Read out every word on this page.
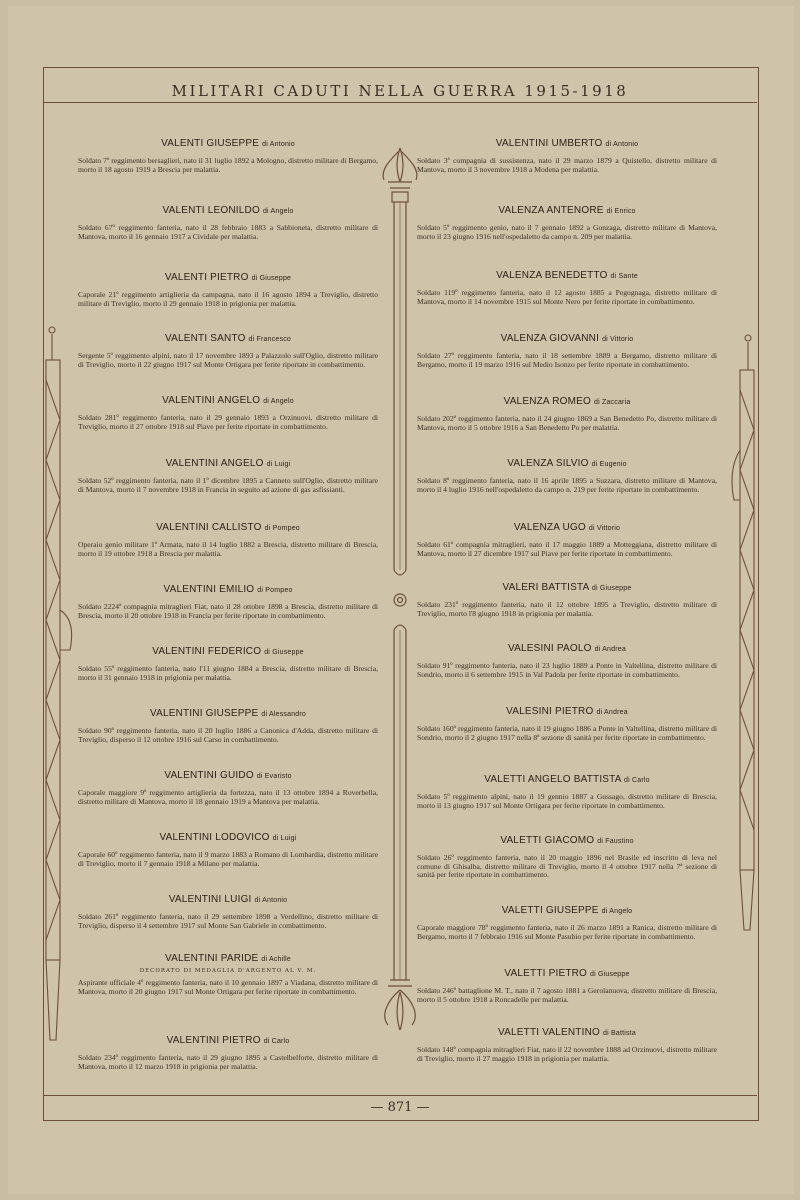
MILITARI CADUTI NELLA GUERRA 1915-1918
— 871 —
VALENTI GIUSEPPE di Antonio
Soldato 7º reggimento bersaglieri, nato il 31 luglio 1892 a Mologno, distretto militare di Bergamo, morto il 18 agosto 1919 a Brescia per malattia.
VALENTI LEONILDO di Angelo
Soldato 67º reggimento fanteria, nato il 28 febbraio 1883 a Sabbioneta, distretto militare di Mantova, morto il 16 gennaio 1917 a Cividale per malattia.
VALENTI PIETRO di Giuseppe
Caporale 21º reggimento artiglieria da campagna, nato il 16 agosto 1894 a Treviglio, distretto militare di Treviglio, morto il 29 gennaio 1918 in prigionia per malattia.
VALENTI SANTO di Francesco
Sergente 5º reggimento alpini, nato il 17 novembre 1893 a Palazzolo sull'Oglio, distretto militare di Treviglio, morto il 22 giugno 1917 sul Monte Ortigara per ferite riportate in combattimento.
VALENTINI ANGELO di Angelo
Soldato 281º reggimento fanteria, nato il 29 gennaio 1893 a Orzinuovi, distretto militare di Treviglio, morto il 27 ottobre 1918 sul Piave per ferite riportate in combattimento.
VALENTINI ANGELO di Luigi
Soldato 52º reggimento fanteria, nato il 1º dicembre 1895 a Canneto sull'Oglio, distretto militare di Mantova, morto il 7 novembre 1918 in Francia in seguito ad azione di gas asfissianti.
VALENTINI CALLISTO di Pompeo
Operaio genio militare 1ª Armata, nato il 14 luglio 1882 a Brescia, distretto militare di Brescia, morto il 19 ottobre 1918 a Brescia per malattia.
VALENTINI EMILIO di Pompeo
Soldato 2224ª compagnia mitraglieri Fiat, nato il 28 ottobre 1898 a Brescia, distretto militare di Brescia, morto il 20 ottobre 1918 in Francia per ferite riportate in combattimento.
VALENTINI FEDERICO di Giuseppe
Soldato 55º reggimento fanteria, nato l'11 giugno 1884 a Brescia, distretto militare di Brescia, morto il 31 gennaio 1918 in prigionia per malattia.
VALENTINI GIUSEPPE di Alessandro
Soldato 90º reggimento fanteria, nato il 20 luglio 1886 a Canonica d'Adda, distretto militare di Treviglio, disperso il 12 ottobre 1916 sul Carso in combattimento.
VALENTINI GUIDO di Evaristo
Caporale maggiore 9º reggimento artiglieria da fortezza, nato il 13 ottobre 1894 a Roverbella, distretto militare di Mantova, morto il 18 gennaio 1919 a Mantova per malattia.
VALENTINI LODOVICO di Luigi
Caporale 60º reggimento fanteria, nato il 9 marzo 1883 a Romano di Lombardia, distretto militare di Treviglio, morto il 7 gennaio 1918 a Milano per malattia.
VALENTINI LUIGI di Antonio
Soldato 261º reggimento fanteria, nato il 29 settembre 1898 a Verdellino, distretto militare di Treviglio, disperso il 4 settembre 1917 sul Monte San Gabriele in combattimento.
VALENTINI PARIDE di Achille
DECORATO DI MEDAGLIA D'ARGENTO AL V. M.
Aspirante ufficiale 4º reggimento fanteria, nato il 10 gennaio 1897 a Viadana, distretto militare di Mantova, morto il 20 giugno 1917 sul Monte Ortigara per ferite riportate in combattimento.
VALENTINI PIETRO di Carlo
Soldato 234º reggimento fanteria, nato il 29 giugno 1895 a Castelbelforte, distretto militare di Mantova, morto il 12 marzo 1918 in prigionia per malattia.
VALENTINI UMBERTO di Antonio
Soldato 3ª compagnia di sussistenza, nato il 29 marzo 1879 a Quistello, distretto militare di Mantova, morto il 3 novembre 1918 a Modena per malattia.
VALENZA ANTENORE di Enrico
Soldato 5º reggimento genio, nato il 7 gennaio 1892 a Gonzaga, distretto militare di Mantova, morto il 23 giugno 1916 nell'ospedaletto da campo n. 209 per malattia.
VALENZA BENEDETTO di Sante
Soldato 119º reggimento fanteria, nato il 12 agosto 1885 a Pegognaga, distretto militare di Mantova, morto il 14 novembre 1915 sul Monte Nero per ferite riportate in combattimento.
VALENZA GIOVANNI di Vittorio
Soldato 27º reggimento fanteria, nato il 18 settembre 1889 a Bergamo, distretto militare di Bergamo, morto il 19 marzo 1916 sul Medio Isonzo per ferite riportate in combattimento.
VALENZA ROMEO di Zaccaria
Soldato 202º reggimento fanteria, nato il 24 giugno 1869 a San Benedetto Po, distretto militare di Mantova, morto il 5 ottobre 1916 a San Benedetto Po per malattia.
VALENZA SILVIO di Eugenio
Soldato 8º reggimento fanteria, nato il 16 aprile 1895 a Suzzara, distretto militare di Mantova, morto il 4 luglio 1916 nell'ospedaletto da campo n. 219 per ferite riportate in combattimento.
VALENZA UGO di Vittorio
Soldato 61ª compagnia mitraglieri, nato il 17 maggio 1889 a Motteggiana, distretto militare di Mantova, morto il 27 dicembre 1917 sul Piave per ferite riportate in combattimento.
VALERI BATTISTA di Giuseppe
Soldato 231º reggimento fanteria, nato il 12 ottobre 1895 a Treviglio, distretto militare di Treviglio, morto l'8 giugno 1918 in prigionia per malattia.
VALESINI PAOLO di Andrea
Soldato 91º reggimento fanteria, nato il 23 luglio 1889 a Ponte in Valtellina, distretto militare di Sondrio, morto il 6 settembre 1915 in Val Padola per ferite riportate in combattimento.
VALESINI PIETRO di Andrea
Soldato 160º reggimento fanteria, nato il 19 giugno 1886 a Ponte in Valtellina, distretto militare di Sondrio, morto il 2 giugno 1917 nella 8ª sezione di sanità per ferite riportate in combattimento.
VALETTI ANGELO BATTISTA di Carlo
Soldato 5º reggimento alpini, nato il 19 gennio 1887 a Gussago, distretto militare di Brescia, morto il 13 giugno 1917 sul Monte Ortigara per ferite riportate in combattimento.
VALETTI GIACOMO di Faustino
Soldato 26º reggimento fanteria, nato il 20 maggio 1896 nel Brasile ed inscritto di leva nel comune di Ghisalba, distretto militare di Treviglio, morto il 4 ottobre 1917 nella 7ª sezione di sanità per ferite riportate in combattimento.
VALETTI GIUSEPPE di Angelo
Caporale maggiore 78º reggimento fanteria, nato il 26 marzo 1891 a Ranica, distretto militare di Bergamo, morto il 7 febbraio 1916 sul Monte Pasubio per ferite riportate in combattimento.
VALETTI PIETRO di Giuseppe
Soldato 246º battaglione M. T., nato il 7 agosto 1881 a Gerolanuova, distretto militare di Brescia, morto il 5 ottobre 1918 a Roncadelle per malattia.
VALETTI VALENTINO di Battista
Soldato 148º compagnia mitraglieri Fiat, nato il 22 novembre 1888 ad Orzinuovi, distretto militare di Treviglio, morto il 27 maggio 1918 in prigionia per malattia.
